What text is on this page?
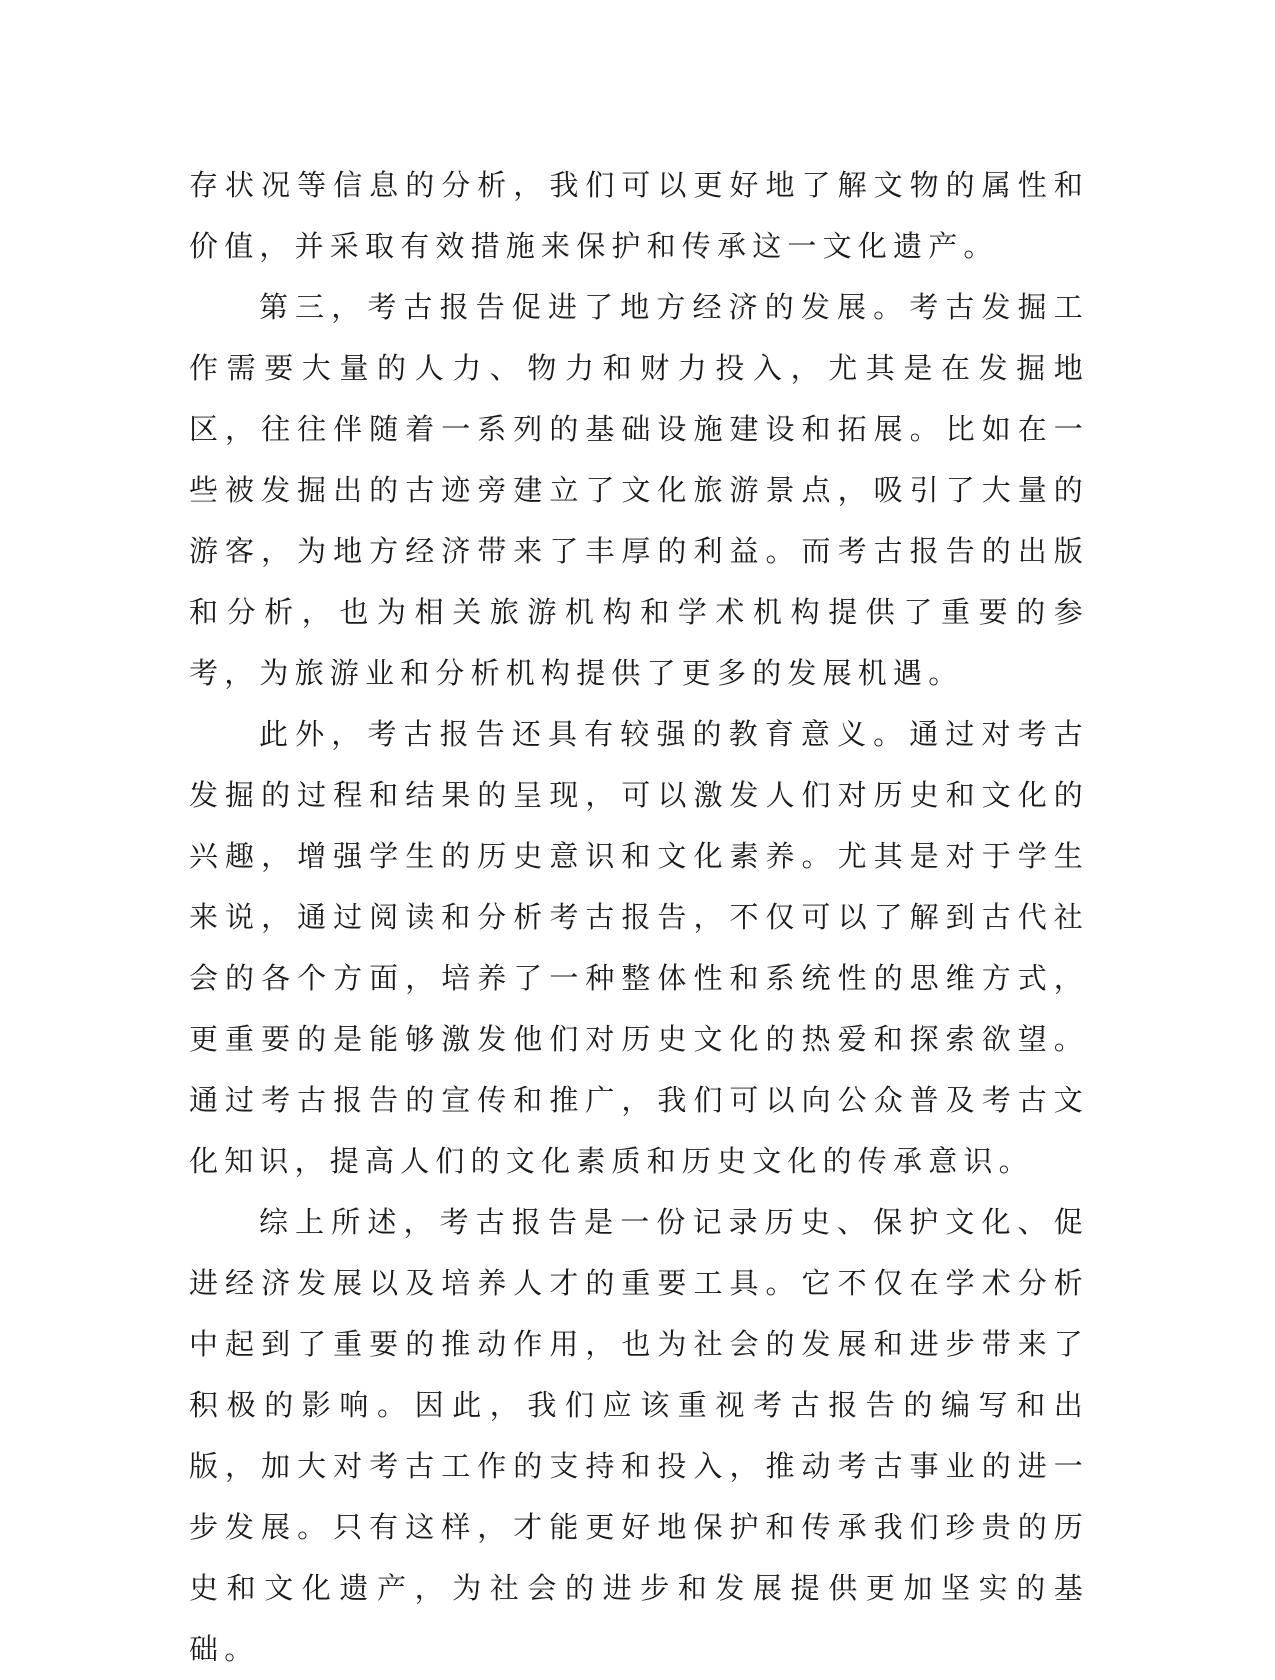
存状况等信息的分析，我们可以更好地了解文物的属性和价值，并采取有效措施来保护和传承这一文化遗产。

第三，考古报告促进了地方经济的发展。考古发掘工作需要大量的人力、物力和财力投入，尤其是在发掘地区，往往伴随着一系列的基础设施建设和拓展。比如在一些被发掘出的古迹旁建立了文化旅游景点，吸引了大量的游客，为地方经济带来了丰厚的利益。而考古报告的出版和分析，也为相关旅游机构和学术机构提供了重要的参考，为旅游业和分析机构提供了更多的发展机遇。

此外，考古报告还具有较强的教育意义。通过对考古发掘的过程和结果的呈现，可以激发人们对历史和文化的兴趣，增强学生的历史意识和文化素养。尤其是对于学生来说，通过阅读和分析考古报告，不仅可以了解到古代社会的各个方面，培养了一种整体性和系统性的思维方式，更重要的是能够激发他们对历史文化的热爱和探索欲望。通过考古报告的宣传和推广，我们可以向公众普及考古文化知识，提高人们的文化素质和历史文化的传承意识。

综上所述，考古报告是一份记录历史、保护文化、促进经济发展以及培养人才的重要工具。它不仅在学术分析中起到了重要的推动作用，也为社会的发展和进步带来了积极的影响。因此，我们应该重视考古报告的编写和出版，加大对考古工作的支持和投入，推动考古事业的进一步发展。只有这样，才能更好地保护和传承我们珍贵的历史和文化遗产，为社会的进步和发展提供更加坚实的基础。
